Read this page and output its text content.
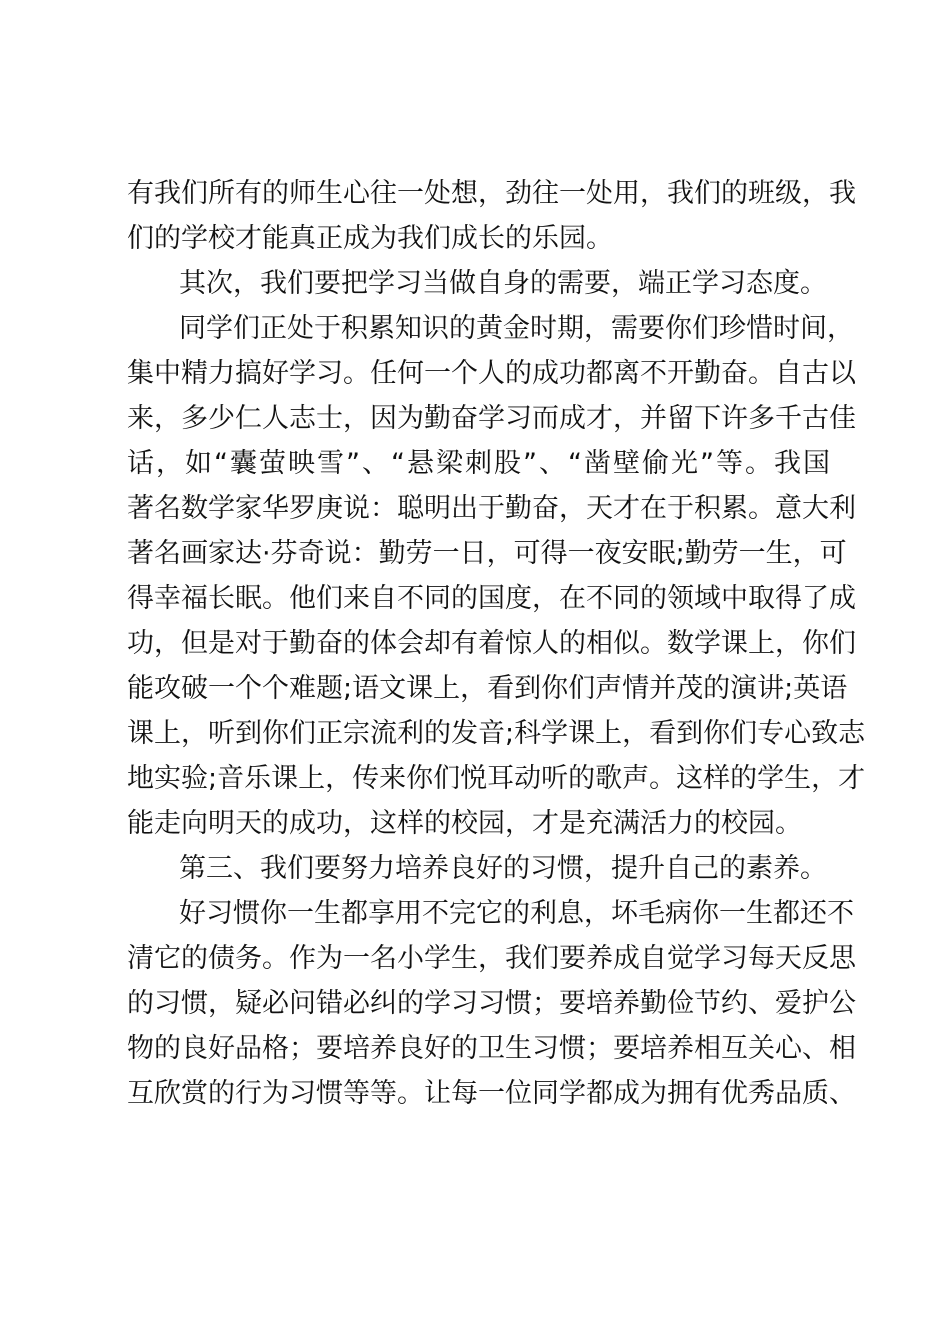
有我们所有的师生心往一处想，劲往一处用，我们的班级，我
们的学校才能真正成为我们成长的乐园。
其次，我们要把学习当做自身的需要，端正学习态度。
同学们正处于积累知识的黄金时期，需要你们珍惜时间，
集中精力搞好学习。任何一个人的成功都离不开勤奋。自古以
来，多少仁人志士，因为勤奋学习而成才，并留下许多千古佳
话，如“囊萤映雪”、“悬梁刺股”、“凿壁偷光”等。我国
著名数学家华罗庚说：聪明出于勤奋，天才在于积累。意大利
著名画家达·芬奇说：勤劳一日，可得一夜安眠;勤劳一生，可
得幸福长眠。他们来自不同的国度，在不同的领域中取得了成
功，但是对于勤奋的体会却有着惊人的相似。数学课上，你们
能攻破一个个难题;语文课上，看到你们声情并茂的演讲;英语
课上，听到你们正宗流利的发音;科学课上，看到你们专心致志
地实验;音乐课上，传来你们悦耳动听的歌声。这样的学生，才
能走向明天的成功，这样的校园，才是充满活力的校园。
第三、我们要努力培养良好的习惯，提升自己的素养。
好习惯你一生都享用不完它的利息，坏毛病你一生都还不
清它的债务。作为一名小学生，我们要养成自觉学习每天反思
的习惯，疑必问错必纠的学习习惯；要培养勤俭节约、爱护公
物的良好品格；要培养良好的卫生习惯；要培养相互关心、相
互欣赏的行为习惯等等。让每一位同学都成为拥有优秀品质、
